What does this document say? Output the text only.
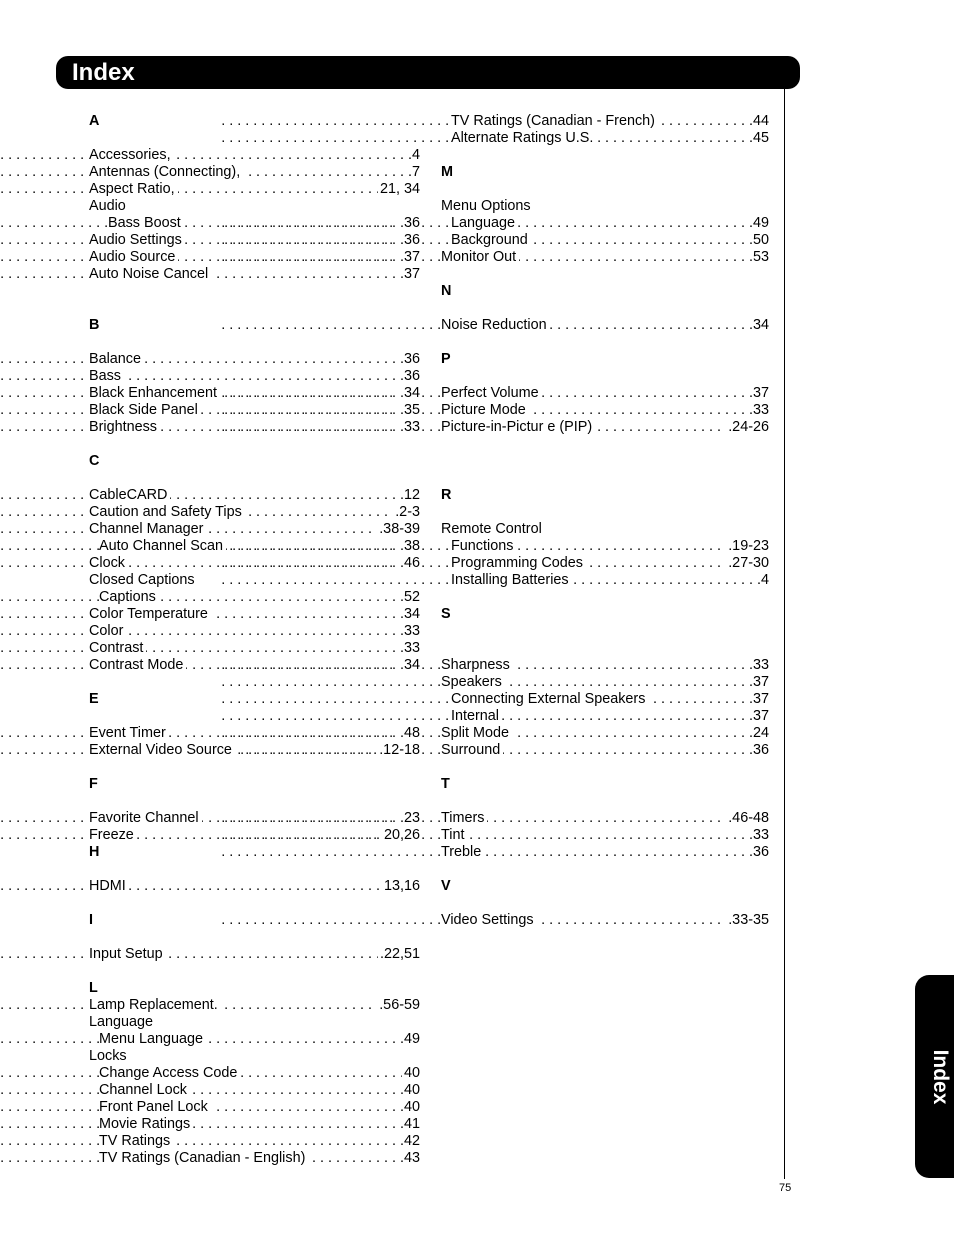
Index
A
. . . Accessories,	.4
. . . Antennas (Connecting),	.7
. . . Aspect Ratio,	21, 34
Audio
. . . Bass Boost	.36
. . . Audio Settings	.36
. . . Audio Source	.37
. . . Auto Noise Cancel	.37
B
. . . Balance	.36
. . . Bass	.36
. . . Black Enhancement	.34
. . . Black Side Panel	.35
. . . Brightness	.33
C
. . . CableCARD	.12
. . . Caution and Safety Tips	.2-3
. . . Channel Manager	.38-39
. . . Auto Channel Scan	.38
. . . Clock	.46
Closed Captions
. . . Captions	.52
. . . Color Temperature	.34
. . . Color	.33
. . . Contrast	.33
. . . Contrast Mode	.34
E
. . . Event Timer	.48
. . . External Video Source	.12-18
F
. . . Favorite Channel	.23
. . . Freeze	20,26
H
. . . HDMI	13,16
I
. . . Input Setup	.22,51
L
. . . Lamp Replacement.	.56-59
Language
. . . Menu Language	.49
Locks
. . . Change Access Code	40
. . . Channel Lock	.40
. . . Front Panel Lock	.40
. . . Movie Ratings	.41
. . . TV Ratings	.42
. . . TV Ratings (Canadian - English)	.43
. . . TV Ratings (Canadian - French)	.44
. . . Alternate Ratings U.S.	.45
M
Menu Options
. . . Language	.49
. . . Background	.50
. . . Monitor Out	.53
N
. . . Noise Reduction	.34
P
. . . Perfect Volume	.37
. . . Picture Mode	.33
. . . Picture-in-Pictur e (PIP)	.24-26
R
Remote Control
. . . Functions	.19-23
. . . Programming Codes	.27-30
. . . Installing Batteries	.4
S
. . . Sharpness	.33
. . . Speakers	.37
. . . Connecting External Speakers	.37
. . . Internal	.37
. . . Split Mode	.24
. . . Surround	.36
T
. . . Timers	.46-48
. . . Tint	.33
. . . Treble	.36
V
. . . Video Settings	.33-35
Index
75
